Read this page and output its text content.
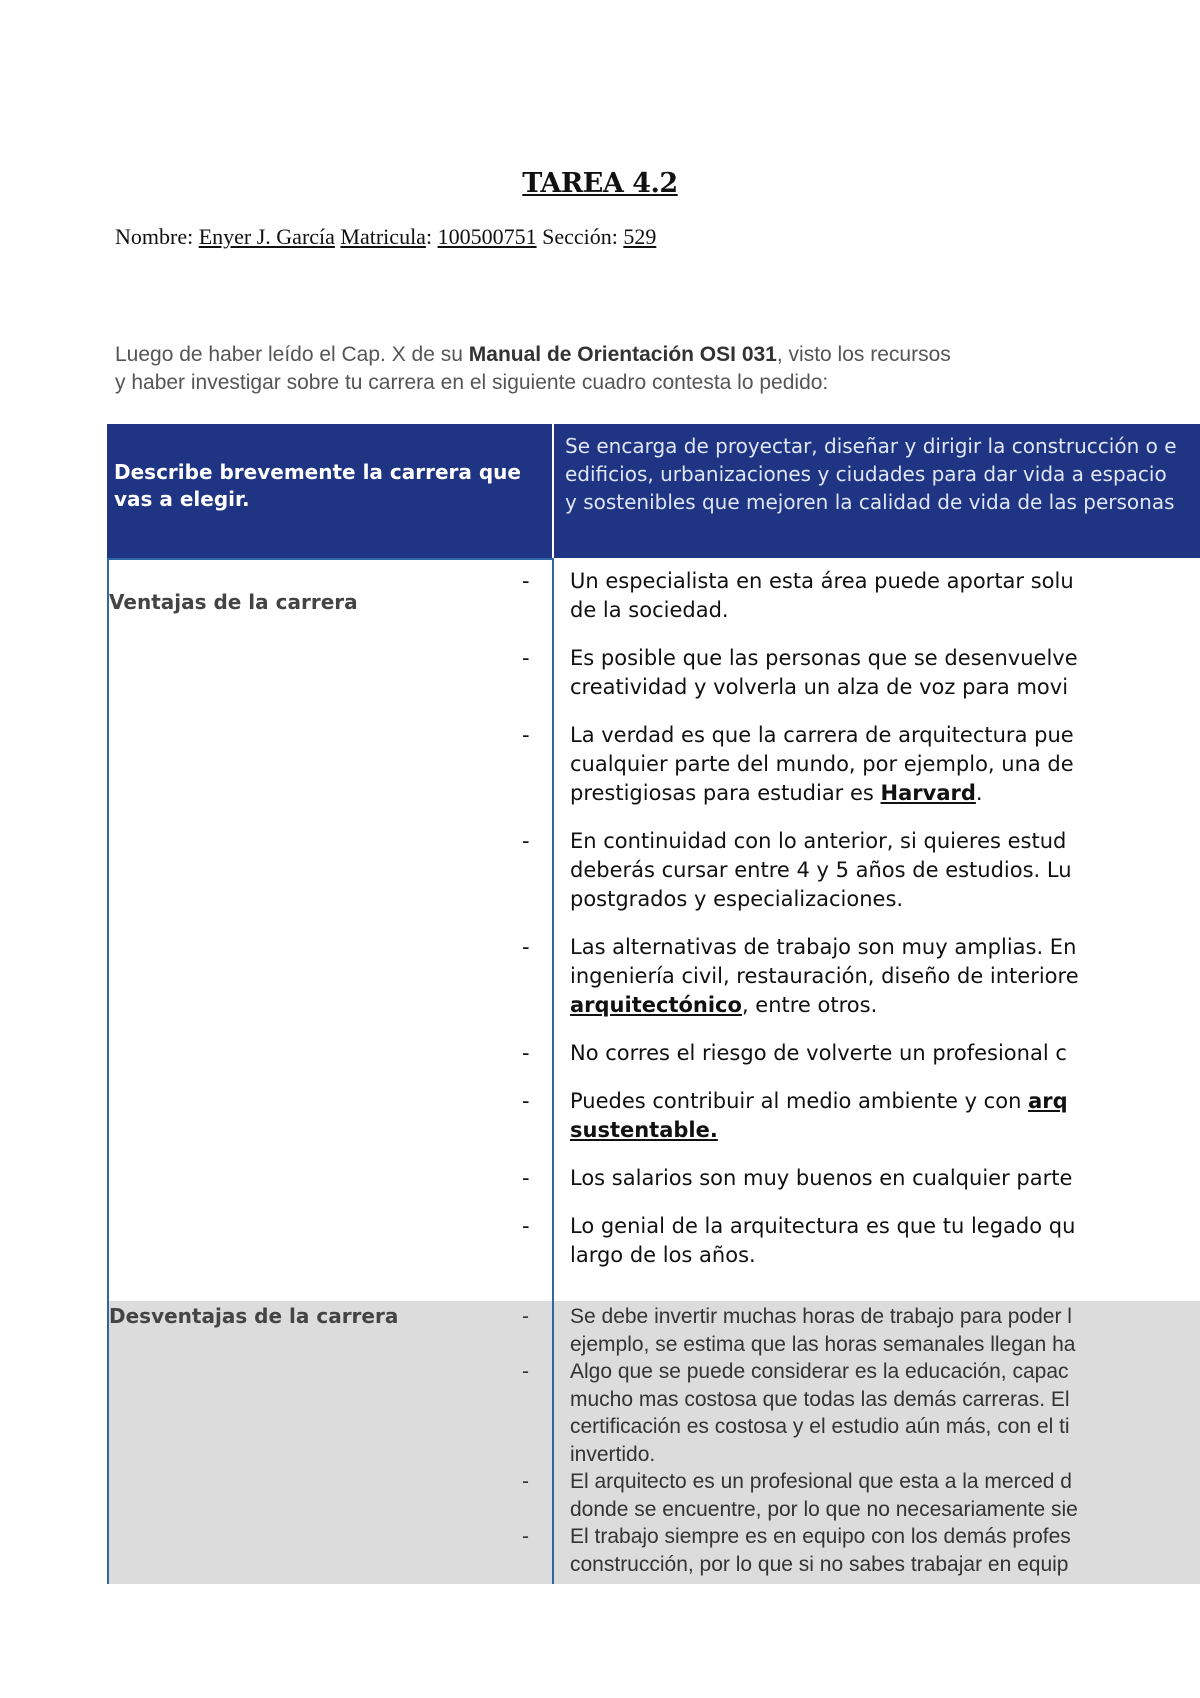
TAREA 4.2
Nombre: Enyer J. García Matricula: 100500751 Sección: 529
Luego de haber leído el Cap. X de su Manual de Orientación OSI 031, visto los recursos
y haber investigar sobre tu carrera en el siguiente cuadro contesta lo pedido:
Describe brevemente la carrera que vas a elegir.
Se encarga de proyectar, diseñar y dirigir la construcción o e
edificios, urbanizaciones y ciudades para dar vida a espacio
y sostenibles que mejoren la calidad de vida de las personas
Ventajas de la carrera
Desventajas de la carrera
- Un especialista en esta área puede aportar solu
de la sociedad.
- Es posible que las personas que se desenvuelve
creatividad y volverla un alza de voz para movi
- La verdad es que la carrera de arquitectura pue
cualquier parte del mundo, por ejemplo, una de
prestigiosas para estudiar es Harvard.
- En continuidad con lo anterior, si quieres estud
deberás cursar entre 4 y 5 años de estudios. Lu
postgrados y especializaciones.
- Las alternativas de trabajo son muy amplias. En
ingeniería civil, restauración, diseño de interiore
arquitectónico, entre otros.
- No corres el riesgo de volverte un profesional c
- Puedes contribuir al medio ambiente y con arq
sustentable.
- Los salarios son muy buenos en cualquier parte
- Lo genial de la arquitectura es que tu legado qu
largo de los años.
- Se debe invertir muchas horas de trabajo para poder l
ejemplo, se estima que las horas semanales llegan ha
- Algo que se puede considerar es la educación, capac
mucho mas costosa que todas las demás carreras. El
certificación es costosa y el estudio aún más, con el ti
invertido.
- El arquitecto es un profesional que esta a la merced d
donde se encuentre, por lo que no necesariamente sie
- El trabajo siempre es en equipo con los demás profes
construcción, por lo que si no sabes trabajar en equip
